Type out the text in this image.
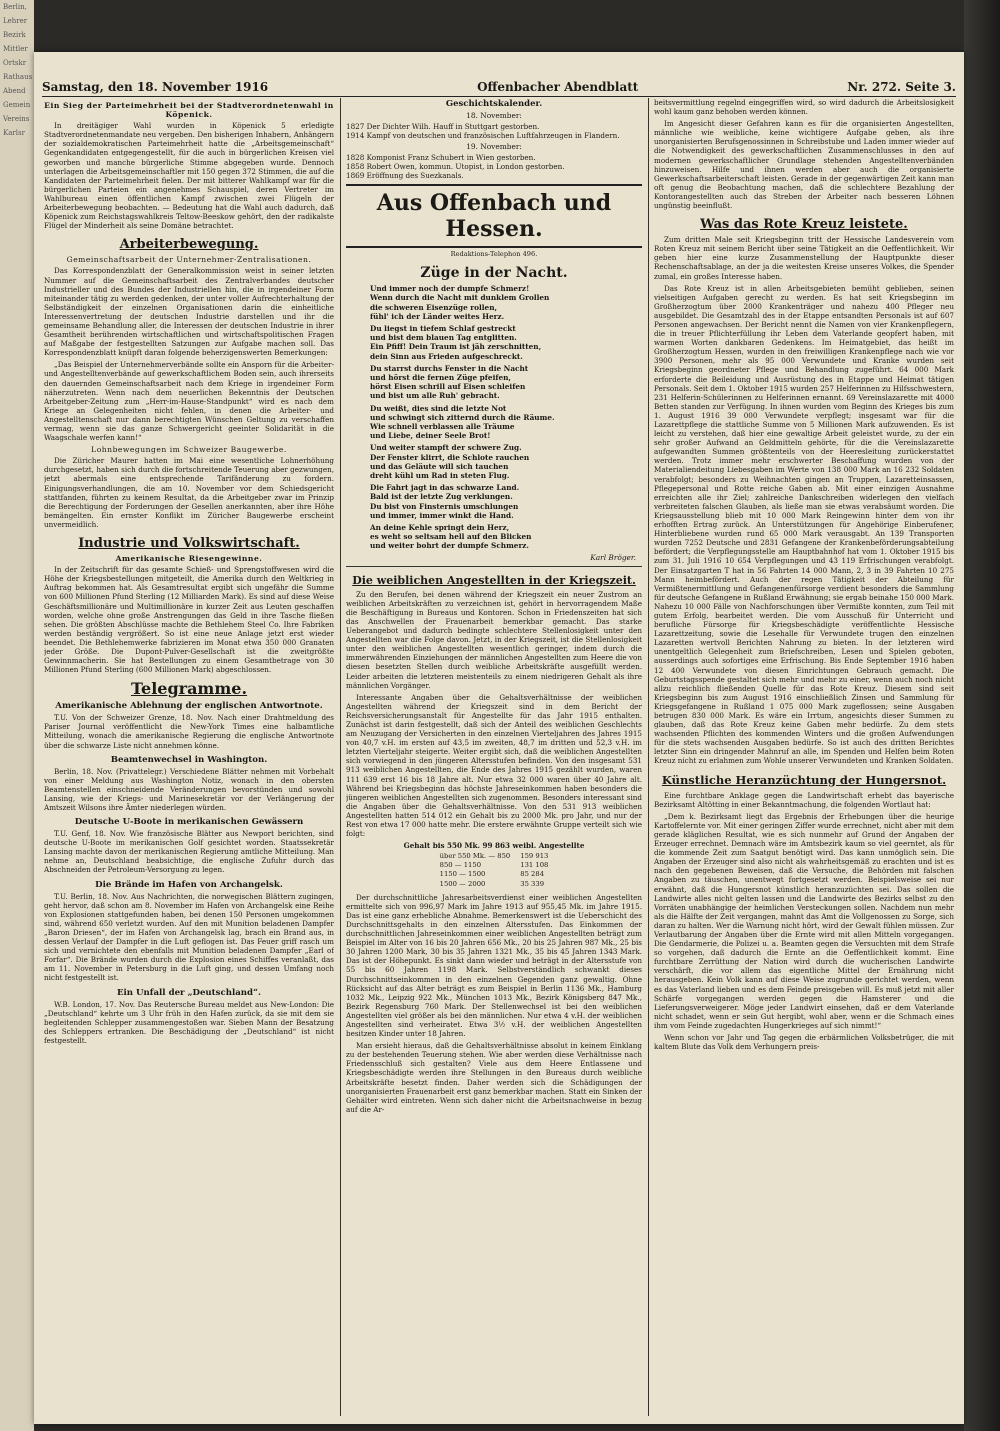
Berlin,
Lehrer
Bezirk
Mittler
Ortskr
Rathaus
Abend
Gemein
Vereins
Karlsr
Samstag, den 18. November 1916	Offenbacher Abendblatt	Nr. 272. Seite 3.
Ein Sieg der Parteimehrheit bei der Stadtverordnetenwahl in Köpenick.

In dreitägiger Wahl wurden in Köpenick 5 erledigte Stadtverordnetenmandate neu vergeben. Den bisherigen Inhabern, Anhängern der sozialdemokratischen Parteimehrheit hatte die „Arbeitsgemeinschaft“ Gegenkandidaten entgegengestellt, für die auch in bürgerlichen Kreisen viel geworben und manche bürgerliche Stimme abgegeben wurde. Dennoch unterlagen die Arbeitsgemeinschaftler mit 150 gegen 372 Stimmen, die auf die Kandidaten der Parteimehrheit fielen. Der mit bitterer Wahlkampf war für die bürgerlichen Parteien ein angenehmes Schauspiel, deren Vertreter im Wahlbureau einen öffentlichen Kampf zwischen zwei Flügeln der Arbeiterbewegung beobachten. — Bedeutung hat die Wahl auch dadurch, daß Köpenick zum Reichstagswahlkreis Teltow-Beeskow gehört, den der radikalste Flügel der Minderheit als seine Domäne betrachtet.

Arbeiterbewegung.
Gemeinschaftsarbeit der Unternehmer-Zentralisationen.

Das Korrespondenzblatt der Generalkommission weist in seiner letzten Nummer auf die Gemeinschaftsarbeit des Zentralverbandes deutscher Industrieller und des Bundes der Industriellen hin, die in irgendeiner Form miteinander tätig zu werden gedenken, der unter voller Aufrechterhaltung der Selbständigkeit der einzelnen Organisationen darin die einheitliche Interessenvertretung der deutschen Industrie darstellen und ihr die gemeinsame Behandlung aller, die Interessen der deutschen Industrie in ihrer Gesamtheit berührenden wirtschaftlichen und wirtschaftspolitischen Fragen auf Maßgabe der festgestellten Satzungen zur Aufgabe machen soll. Das Korrespondenzblatt knüpft daran folgende beherzigenswerten Bemerkungen:

„Das Beispiel der Unternehmerverbände sollte ein Ansporn für die Arbeiter- und Angestelltenverbände auf gewerkschaftlichem Boden sein, auch ihrerseits den dauernden Gemeinschaftsarbeit nach dem Kriege in irgendeiner Form näherzutreten. Wenn nach dem neuerlichen Bekenntnis der Deutschen Arbeitgeber-Zeitung zum „Herr-im-Hause-Standpunkt“ wird es nach dem Kriege an Gelegenheiten nicht fehlen, in denen die Arbeiter- und Angestelltenschaft nur dann berechtigten Wünschen Geltung zu verschaffen vermag, wenn sie das ganze Schwergericht geeinter Solidarität in die Waagschale werfen kann!“

Lohnbewegungen im Schweizer Baugewerbe.

Die Züricher Maurer hatten im Mai eine wesentliche Lohnerhöhung durchgesetzt, haben sich durch die fortschreitende Teuerung aber gezwungen, jetzt abermals eine entsprechende Tarifänderung zu fordern. Einigungsverhandlungen, die am 10. November vor dem Schiedsgericht stattfanden, führten zu keinem Resultat, da die Arbeitgeber zwar im Prinzip die Berechtigung der Forderungen der Gesellen anerkannten, aber ihre Höhe bemängelten. Ein ernster Konflikt im Züricher Baugewerbe erscheint unvermeidlich.

Industrie und Volkswirtschaft.
Amerikanische Riesengewinne.

In der Zeitschrift für das gesamte Schieß- und Sprengstoffwesen wird die Höhe der Kriegsbestellungen mitgeteilt, die Amerika durch den Weltkrieg in Auftrag bekommen hat. Als Gesamtresultat ergibt sich ungefähr die Summe von 600 Millionen Pfund Sterling (12 Milliarden Mark). Es sind auf diese Weise Geschäftsmillionäre und Multimillionäre in kurzer Zeit aus Leuten geschaffen worden, welche ohne große Anstrengungen das Geld in ihre Tasche fließen sehen. Die größten Abschlüsse machte die Bethlehem Steel Co. Ihre Fabriken werden beständig vergrößert. So ist eine neue Anlage jetzt erst wieder beendet. Die Bethlehemwerke fabrizieren im Monat etwa 350 000 Granaten jeder Größe. Die Dupont-Pulver-Gesellschaft ist die zweitgrößte Gewinnmacherin. Sie hat Bestellungen zu einem Gesamtbetrage von 30 Millionen Pfund Sterling (600 Millionen Mark) abgeschlossen.

Telegramme.
Amerikanische Ablehnung der englischen Antwortnote.

T.U. Von der Schweizer Grenze, 18. Nov. Nach einer Drahtmeldung des Pariser Journal veröffentlicht die New-York Times eine halbamtliche Mitteilung, wonach die amerikanische Regierung die englische Antwortnote über die schwarze Liste nicht annehmen könne.

Beamtenwechsel in Washington.

Berlin, 18. Nov. (Privattelegr.) Verschiedene Blätter nehmen mit Vorbehalt von einer Meldung aus Washington Notiz, wonach in den obersten Beamtenstellen einschneidende Veränderungen bevorstünden und sowohl Lansing, wie der Kriegs- und Marinesekretär vor der Verlängerung der Amtszeit Wilsons ihre Ämter niederlegen würden.

Deutsche U-Boote in merikanischen Gewässern

T.U. Genf, 18. Nov. Wie französische Blätter aus Newport berichten, sind deutsche U-Boote im merikanischen Golf gesichtet worden. Staatssekretär Lansing machte davon der merikanischen Regierung amtliche Mitteilung. Man nehme an, Deutschland beabsichtige, die englische Zufuhr durch das Abschneiden der Petroleum-Versorgung zu legen.

Die Brände im Hafen von Archangelsk.

T.U. Berlin, 18. Nov. Aus Nachrichten, die norwegischen Blättern zugingen, geht hervor, daß schon am 8. November im Hafen von Archangelsk eine Reihe von Explosionen stattgefunden haben, bei denen 150 Personen umgekommen sind, während 650 verletzt wurden. Auf den mit Munition beladenen Dampfer „Baron Driesen“, der im Hafen von Archangelsk lag, brach ein Brand aus, in dessen Verlauf der Dampfer in die Luft geflogen ist. Das Feuer griff rasch um sich und vernichtete den ebenfalls mit Munition beladenen Dampfer „Earl of Forfar“. Die Brände wurden durch die Explosion eines Schiffes veranlaßt, das am 11. November in Petersburg in die Luft ging, und dessen Umfang noch nicht festgestellt ist.

Ein Unfall der „Deutschland“.

W.B. London, 17. Nov. Das Reutersche Bureau meldet aus New-London: Die „Deutschland“ kehrte um 3 Uhr früh in den Hafen zurück, da sie mit dem sie begleitenden Schlepper zusammengestoßen war. Sieben Mann der Besatzung des Schleppers ertranken. Die Beschädigung der „Deutschland“ ist nicht festgestellt.

Geschichtskalender.
18. November:
1827 Der Dichter Wilh. Hauff in Stuttgart gestorben.
1914 Kampf von deutschen und französischen Luftfahrzeugen in Flandern.
19. November:
1828 Komponist Franz Schubert in Wien gestorben.
1858 Robert Owen, kommun. Utopist, in London gestorben.
1869 Eröffnung des Suezkanals.
Aus Offenbach und Hessen.
Redaktions-Telephon 496.
Züge in der Nacht.
Und immer noch der dumpfe Schmerz!
Wenn durch die Nacht mit dunklem Grollen
die schweren Eisenzüge rollen,
fühl' ich der Länder weites Herz.
Du liegst in tiefem Schlaf gestreckt
und bist dem blauen Tag entglitten.
Ein Pfiff! Dein Traum ist jäh zerschnitten,
dein Sinn aus Frieden aufgeschreckt.
Du starrst durchs Fenster in die Nacht
und hörst die fernen Züge pfeifen,
hörst Eisen schrill auf Eisen schleifen
und bist um alle Ruh' gebracht.
Du weißt, dies sind die letzte Not
und schwingt sich zitternd durch die Räume.
Wie schnell verblassen alle Träume
und Liebe, deiner Seele Brot!
Und weiter stampft der schwere Zug.
Der Fenster klirrt, die Schlote rauchen
und das Geläute will sich tauchen
dreht kühl um Rad in steten Flug.
Die Fahrt jagt in das schwarze Land.
Bald ist der letzte Zug verklungen.
Du bist von Finsternis umschlungen
und immer, immer winkt die Hand.
An deine Kehle springt dein Herz,
es weht so seltsam hell auf den Blicken
und weiter bohrt der dumpfe Schmerz.
Karl Bröger.
Die weiblichen Angestellten in der Kriegszeit.

Zu den Berufen, bei denen während der Kriegszeit ein neuer Zustrom an weiblichen Arbeitskräften zu verzeichnen ist, gehört in hervorragendem Maße die Beschäftigung in Bureaus und Kontoren. Schon in Friedenszeiten hat sich das Anschwellen der Frauenarbeit bemerkbar gemacht. Das starke Ueberangebot und dadurch bedingte schlechtere Stellenlosigkeit unter den Angestellten war die Folge davon. Jetzt, in der Kriegszeit, ist die Stellenlosigkeit unter den weiblichen Angestellten wesentlich geringer, indem durch die immerwährenden Einziehungen der männlichen Angestellten zum Heere die von diesen besetzten Stellen durch weibliche Arbeitskräfte ausgefüllt werden. Leider arbeiten die letzteren meistenteils zu einem niedrigeren Gehalt als ihre männlichen Vorgänger.

Interessante Angaben über die Gehaltsverhältnisse der weiblichen Angestellten während der Kriegszeit sind in dem Bericht der Reichsversicherungsanstalt für Angestellte für das Jahr 1915 enthalten. Zunächst ist darin festgestellt, daß sich der Anteil des weiblichen Geschlechts am Neuzugang der Versicherten in den einzelnen Vierteljahren des Jahres 1915 von 40,7 v.H. im ersten auf 43,5 im zweiten, 48,7 im dritten und 52,3 v.H. im letzten Vierteljahr steigerte. Weiter ergibt sich, daß die weiblichen Angestellten sich vorwiegend in den jüngeren Altersstufen befinden. Von den insgesamt 531 913 weiblichen Angestellten, die Ende des Jahres 1915 gezählt wurden, waren 111 639 erst 16 bis 18 Jahre alt. Nur etwa 32 000 waren über 40 Jahre alt. Während bei Kriegsbeginn das höchste Jahreseinkommen haben besonders die jüngeren weiblichen Angestellten sich zugenommen. Besonders interessant sind die Angaben über die Gehaltsverhältnisse. Von den 531 913 weiblichen Angestellten hatten 514 012 ein Gehalt bis zu 2000 Mk. pro Jahr, und nur der Rest von etwa 17 000 hatte mehr. Die erstere erwähnte Gruppe verteilt sich wie folgt:

Gehalt bis 550 Mk. 99 863 weibl. Angestellte
über 550 Mk. — 850	159 913
850 — 1150	131 108
1150 — 1500	85 284
1500 — 2000	35 339

Der durchschnittliche Jahresarbeitsverdienst einer weiblichen Angestellten ermittelte sich von 996,97 Mark im Jahre 1913 auf 955,45 Mk. im Jahre 1915. Das ist eine ganz erhebliche Abnahme. Bemerkenswert ist die Ueberschicht des Durchschnittsgehalts in den einzelnen Altersstufen. Das Einkommen der durchschnittlichen Jahreseinkommen einer weiblichen Angestellten beträgt zum Beispiel im Alter von 16 bis 20 Jahren 656 Mk., 20 bis 25 Jahren 987 Mk., 25 bis 30 Jahren 1200 Mark, 30 bis 35 Jahren 1321 Mk., 35 bis 45 Jahren 1343 Mark. Das ist der Höhepunkt. Es sinkt dann wieder und beträgt in der Altersstufe von 55 bis 60 Jahren 1198 Mark. Selbstverständlich schwankt dieses Durchschnittseinkommen in den einzelnen Gegenden ganz gewaltig. Ohne Rücksicht auf das Alter beträgt es zum Beispiel in Berlin 1136 Mk., Hamburg 1032 Mk., Leipzig 922 Mk., München 1013 Mk., Bezirk Königsberg 847 Mk., Bezirk Regensburg 760 Mark. Der Stellenwechsel ist bei den weiblichen Angestellten viel größer als bei den männlichen. Nur etwa 4 v.H. der weiblichen Angestellten sind verheiratet. Etwa 3½ v.H. der weiblichen Angestellten besitzen Kinder unter 18 Jahren.

Man ersieht hieraus, daß die Gehaltsverhältnisse absolut in keinem Einklang zu der bestehenden Teuerung stehen. Wie aber werden diese Verhältnisse nach Friedensschluß sich gestalten? Viele aus dem Heere Entlassene und Kriegsbeschädigte werden ihre Stellungen in den Bureaus durch weibliche Arbeitskräfte besetzt finden. Daher werden sich die Schädigungen der unorganisierten Frauenarbeit erst ganz bemerkbar machen. Statt ein Sinken der Gehälter wird eintreten. Wenn sich daher nicht die Arbeitsnachweise in bezug auf die Ar-

beitsvermittlung regelnd eingegriffen wird, so wird dadurch die Arbeitslosigkeit wohl kaum ganz behoben werden können.

Im Angesicht dieser Gefahren kann es für die organisierten Angestellten, männliche wie weibliche, keine wichtigere Aufgabe geben, als ihre unorganisierten Berufsgenossinnen in Schreibstube und Laden immer wieder auf die Notwendigkeit des gewerkschaftlichen Zusammenschlusses in den auf modernen gewerkschaftlicher Grundlage stehenden Angestelltenverbänden hinzuweisen. Hilfe und ihnen werden aber auch die organisierte Gewerkschaftsarbeiterschaft leisten. Gerade in der gegenwärtigen Zeit kann man oft genug die Beobachtung machen, daß die schlechtere Bezahlung der Kontorangestellten auch das Streben der Arbeiter nach besseren Löhnen ungünstig beeinflußt.

Was das Rote Kreuz leistete.

Zum dritten Male seit Kriegsbeginn tritt der Hessische Landesverein vom Roten Kreuz mit seinem Bericht über seine Tätigkeit an die Oeffentlichkeit. Wir geben hier eine kurze Zusammenstellung der Hauptpunkte dieser Rechenschaftsablage, an der ja die weitesten Kreise unseres Volkes, die Spender zumal, ein großes Interesse haben.

Das Rote Kreuz ist in allen Arbeitsgebieten bemüht geblieben, seinen vielseitigen Aufgaben gerecht zu werden. Es hat seit Kriegsbeginn im Großherzogtum über 2000 Krankenträger und nahezu 400 Pfleger neu ausgebildet. Die Gesamtzahl des in der Etappe entsandten Personals ist auf 607 Personen angewachsen. Der Bericht nennt die Namen von vier Krankenpflegern, die in treuer Pflichterfüllung ihr Leben dem Vaterlande geopfert haben, mit warmen Worten dankbaren Gedenkens. Im Heimatgebiet, das heißt im Großherzogtum Hessen, wurden in den freiwilligen Krankenpflege nach wie vor 3900 Personen, mehr als 95 000 Verwundete und Kranke wurden seit Kriegsbeginn geordneter Pflege und Behandlung zugeführt. 64 000 Mark erforderte die Beileidung und Ausrüstung des in Etappe und Heimat tätigen Personals. Seit dem 1. Oktober 1915 wurden 257 Helferinnen zu Hilfsschwestern, 231 Helferin-Schülerinnen zu Helferinnen ernannt. 69 Vereinslazarette mit 4000 Betten standen zur Verfügung. In ihnen wurden vom Beginn des Krieges bis zum 1. August 1916 39 000 Verwundete verpflegt; insgesamt war für die Lazarettpflege die stattliche Summe von 5 Millionen Mark aufzuwenden. Es ist leicht zu verstehen, daß hier eine gewaltige Arbeit geleistet wurde, zu der ein sehr großer Aufwand an Geldmitteln gehörte, für die die Vereinslazarette aufgewandten Summen größtenteils von der Heeresleitung zurückerstattet werden. Trotz immer mehr erschwerter Beschaffung wurden von der Materialiendeitung Liebesgaben im Werte von 138 000 Mark an 16 232 Soldaten verabfolgt; besonders zu Weihnachten gingen an Truppen, Lazaretteinsassen, Pflegepersonal und Rotte reiche Gaben ab. Mit einer einzigen Ausnahme erreichten alle ihr Ziel; zahlreiche Dankschreiben widerlegen den vielfach verbreiteten falschen Glauben, als ließe man sie etwas verabsäumt worden. Die Kriegsausstellung blieb mit 10 000 Mark Reingewinn hinter dem von ihr erhofften Ertrag zurück. An Unterstützungen für Angehörige Einberufener, Hinterbliebene wurden rund 65 000 Mark verausgabt. An 139 Transporten wurden 7252 Deutsche und 2831 Gefangene der Krankenbeförderungsabteilung befördert; die Verpflegungsstelle am Hauptbahnhof hat vom 1. Oktober 1915 bis zum 31. Juli 1916 10 654 Verpflegungen und 43 119 Erfrischungen verabfolgt. Der Einsatzgarten T hat in 56 Fahrten 14 000 Mann, 2, 3 in 39 Fahrten 10 275 Mann heimbefördert. Auch der regen Tätigkeit der Abteilung für Vermißtenermittlung und Gefangenenfürsorge verdient besonders die Sammlung für deutsche Gefangene in Rußland Erwähnung; sie ergab beinahe 150 000 Mark. Nahezu 10 000 Fälle von Nachforschungen über Vermißte konnten, zum Teil mit gutem Erfolg, bearbeitet werden. Die vom Ausschuß für Unterricht und berufliche Fürsorge für Kriegsbeschädigte veröffentlichte Hessische Lazarettzeitung, sowie die Lesehalle für Verwundete trugen den einzelnen Lazaretten wertvoll Berichten Nahrung zu bieten. In der letzteren wird unentgeltlich Gelegenheit zum Briefschreiben, Lesen und Spielen geboten, ausserdings auch sofortiges eine Erfrischung. Bis Ende September 1916 haben 12 400 Verwundete von diesen Einrichtungen Gebrauch gemacht. Die Geburtstagsspende gestaltet sich mehr und mehr zu einer, wenn auch noch nicht allzu reichlich fließenden Quelle für das Rote Kreuz. Diesem sind seit Kriegsbeginn bis zum August 1916 einschließlich Zinsen und Sammlung für Kriegsgefangene in Rußland 1 075 000 Mark zugeflossen; seine Ausgaben betrugen 830 000 Mark. Es wäre ein Irrtum, angesichts dieser Summen zu glauben, daß das Rote Kreuz keine Gaben mehr bedürfe. Zu dem stets wachsenden Pflichten des kommenden Winters und die großen Aufwendungen für die stets wachsenden Ausgaben bedürfe. So ist auch des dritten Berichtes letzter Sinn ein dringender Mahnruf an alle, im Spenden und Helfen beim Roten Kreuz nicht zu erlahmen zum Wohle unserer Verwundeten und Kranken Soldaten.

Künstliche Heranzüchtung der Hungersnot.

Eine furchtbare Anklage gegen die Landwirtschaft erhebt das bayerische Bezirksamt Altötting in einer Bekanntmachung, die folgenden Wortlaut hat:

„Dem k. Bezirksamt liegt das Ergebnis der Erhebungen über die heurige Kartoffelernte vor. Mit einer geringen Ziffer wurde errechnet, nicht aber mit dem gerade kläglichen Resultat, wie es sich nunmehr auf Grund der Angaben der Erzeuger errechnet. Demnach wäre im Amtsbezirk kaum so viel geerntet, als für die kommende Zeit zum Saatgut benötigt wird. Das kann unmöglich sein. Die Angaben der Erzeuger sind also nicht als wahrheitsgemäß zu erachten und ist es nach den gegebenen Beweisen, daß die Versuche, die Behörden mit falschen Angaben zu täuschen, unentwegt fortgesetzt werden. Beispielsweise sei nur erwähnt, daß die Hungersnot künstlich heranzuzüchten sei. Das sollen die Landwirte alles nicht gelten lassen und die Landwirte des Bezirks selbst zu den Vorräten unabhängige der heimlichen Versteckungen sollen. Nachdem nun mehr als die Hälfte der Zeit vergangen, mahnt das Amt die Vollgenossen zu Sorge, sich daran zu halten. Wer die Warnung nicht hört, wird der Gewalt fühlen müssen. Zur Verlautbarung der Angaben über die Ernte wird mit allen Mitteln vorgegangen. Die Gendarmerie, die Polizei u. a. Beamten gegen die Versuchten mit dem Strafe so vorgehen, daß dadurch die Ernte an die Oeffentlichkeit kommt. Eine furchtbare Zerrüttung der Nation wird durch die wucherischen Landwirte verschärft, die vor allem das eigentliche Mittel der Ernährung nicht herausgeben. Kein Volk kann auf diese Weise zugrunde gerichtet werden, wenn es das Vaterland lieben und es dem Feinde preisgeben will. Es muß jetzt mit aller Schärfe vorgegangen werden gegen die Hamsterer und die Lieferungsverweigerer. Möge jeder Landwirt einsehen, daß er dem Vaterlande nicht schadet, wenn er sein Gut hergibt, wohl aber, wenn er die Schmach eines ihm vom Feinde zugedachten Hungerkrieges auf sich nimmt!“

Wenn schon vor Jahr und Tag gegen die erbärmlichen Volksbetrüger, die mit kaltem Blute das Volk dem Verhungern preis-
